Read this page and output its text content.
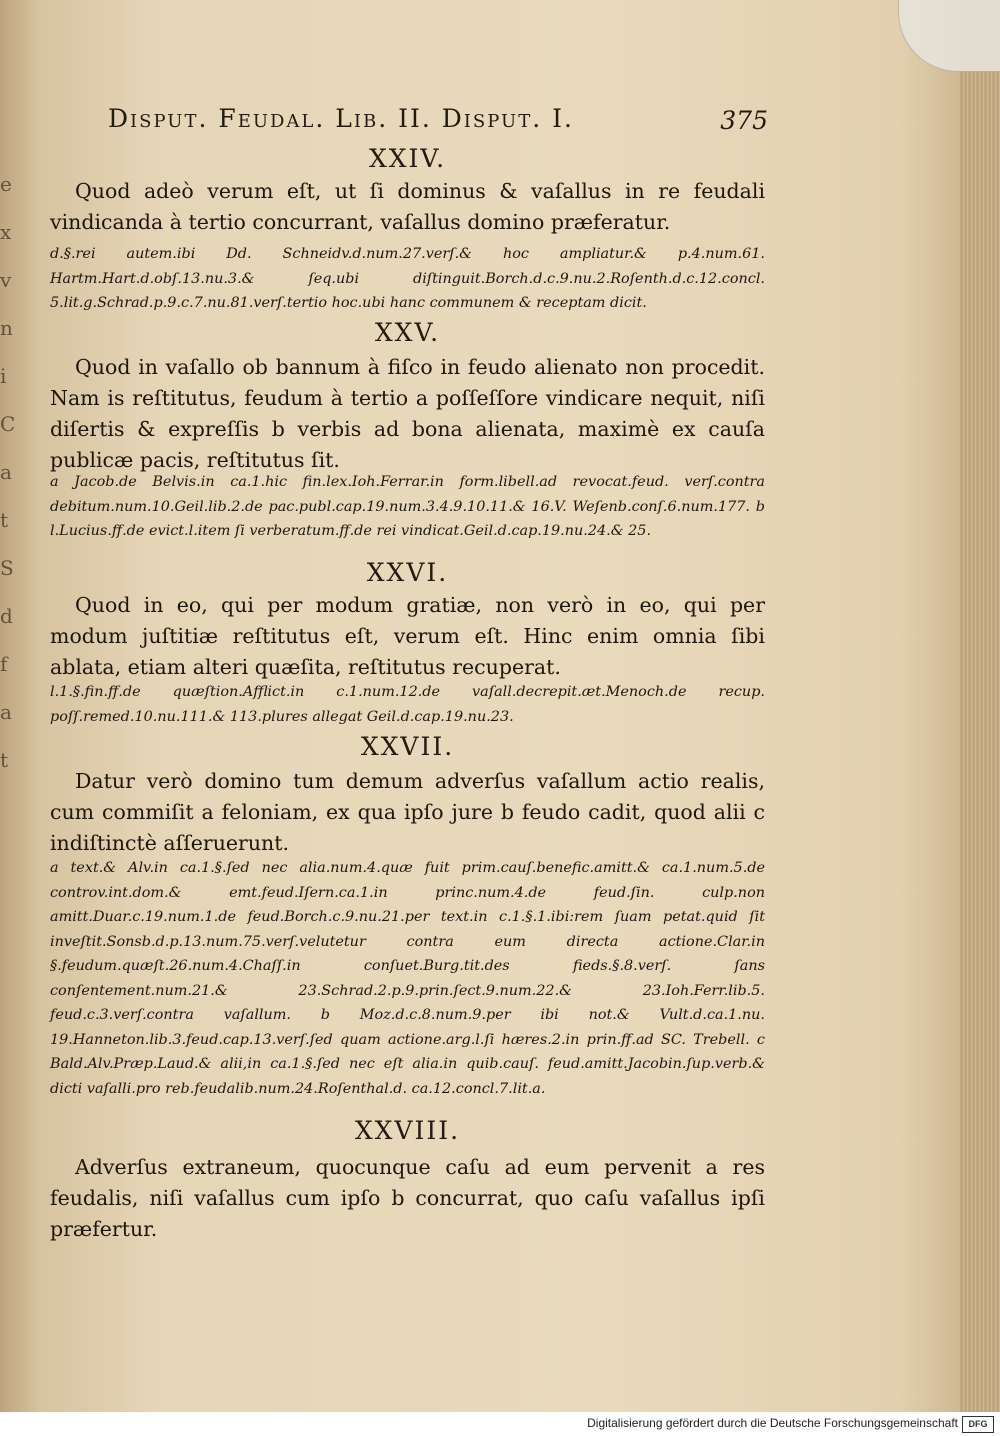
e
x
v
n
i
C
a
t
S
d
f
a
t
Disput. Feudal. Lib. II. Disput. I.	375
XXIV.
Quod adeò verum eſt, ut ſi dominus & vaſallus in re feudali vindicanda à tertio concurrant, vaſallus domino præferatur.
d.§.rei autem.ibi Dd. Schneidv.d.num.27.verſ.& hoc ampliatur.& p.4.num.61. Hartm.Hart.d.obſ.13.nu.3.& ſeq.ubi diſtinguit.Borch.d.c.9.nu.2.Roſenth.d.c.12.concl. 5.lit.g.Schrad.p.9.c.7.nu.81.verſ.tertio hoc.ubi hanc communem & receptam dicit.
XXV.
Quod in vaſallo ob bannum à fiſco in feudo alienato non procedit. Nam is reſtitutus, feudum à tertio a poſſeſſore vindicare nequit, niſi diſertis & expreſſis b verbis ad bona alienata, maximè ex cauſa publicæ pacis, reſtitutus ſit.
a Jacob.de Belvis.in ca.1.hic fin.lex.Ioh.Ferrar.in form.libell.ad revocat.feud. verſ.contra debitum.num.10.Geil.lib.2.de pac.publ.cap.19.num.3.4.9.10.11.& 16.V. Weſenb.conſ.6.num.177. b l.Lucius.ff.de evict.l.item ſi verberatum.ff.de rei vindicat.Geil.d.cap.19.nu.24.& 25.
XXVI.
Quod in eo, qui per modum gratiæ, non verò in eo, qui per modum juſtitiæ reſtitutus eſt, verum eſt. Hinc enim omnia ſibi ablata, etiam alteri quæſita, reſtitutus recuperat.
l.1.§.fin.ff.de quæſtion.Afflict.in c.1.num.12.de vaſall.decrepit.æt.Menoch.de recup. poſſ.remed.10.nu.111.& 113.plures allegat Geil.d.cap.19.nu.23.
XXVII.
Datur verò domino tum demum adverſus vaſallum actio realis, cum commiſit a feloniam, ex qua ipſo jure b feudo cadit, quod alii c indiſtinctè aſſeruerunt.
a text.& Alv.in ca.1.§.ſed nec alia.num.4.quæ fuit prim.cauſ.benefic.amitt.& ca.1.num.5.de controv.int.dom.& emt.feud.Iſern.ca.1.in princ.num.4.de feud.ſin. culp.non amitt.Duar.c.19.num.1.de feud.Borch.c.9.nu.21.per text.in c.1.§.1.ibi:rem ſuam petat.quid ſit inveſtit.Sonsb.d.p.13.num.75.verſ.velutetur contra eum directa actione.Clar.in §.feudum.quæſt.26.num.4.Chaſſ.in conſuet.Burg.tit.des fieds.§.8.verſ. ſans conſentement.num.21.& 23.Schrad.2.p.9.prin.ſect.9.num.22.& 23.Ioh.Ferr.lib.5. feud.c.3.verſ.contra vaſallum. b Moz.d.c.8.num.9.per ibi not.& Vult.d.ca.1.nu. 19.Hanneton.lib.3.feud.cap.13.verſ.ſed quam actione.arg.l.ſi hæres.2.in prin.ff.ad SC. Trebell. c Bald.Alv.Præp.Laud.& alii,in ca.1.§.ſed nec eſt alia.in quib.cauſ. feud.amitt.Jacobin.ſup.verb.& dicti vaſalli.pro reb.feudalib.num.24.Roſenthal.d. ca.12.concl.7.lit.a.
XXVIII.
Adverſus extraneum, quocunque caſu ad eum pervenit a res feudalis, niſi vaſallus cum ipſo b concurrat, quo caſu vaſallus ipſi præfertur.
Digitalisierung gefördert durch die Deutsche Forschungsgemeinschaft	DFG
